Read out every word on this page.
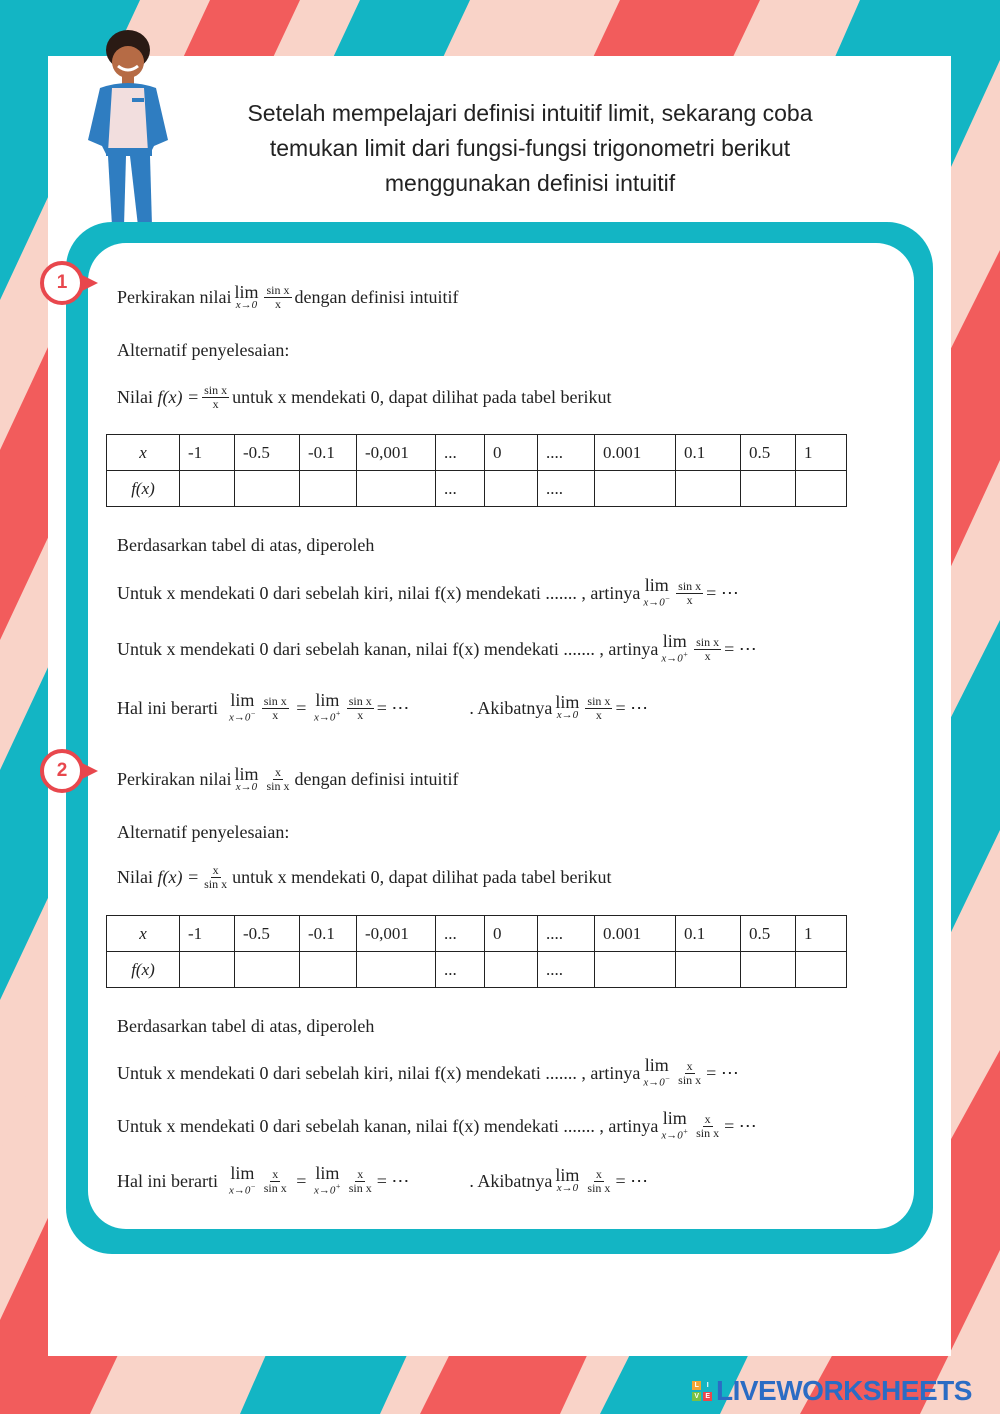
Setelah mempelajari definisi intuitif limit, sekarang coba
temukan limit dari fungsi-fungsi trigonometri berikut
menggunakan definisi intuitif
1
Perkirakan nilai lim
$x\to 0 \frac{\text{sin x}}{x}$ dengan definisi intuitif
Alternatif penyelesaian:
Nilai
$f(x) = \frac{\text{sin x}}{x}$ untuk x mendekati 0, dapat dilihat pada tabel berikut
x	-1	-0.5	-0.1	-0,001	...	0	....	0.001	0.1	0.5	1
f(x)					...		....				
Berdasarkan tabel di atas, diperoleh
Untuk x mendekati 0 dari sebelah kiri, nilai f(x) mendekati ....... , artinya lim
$x\to 0^- \frac{\text{sin x}}{x}$ = ⋯
Untuk x mendekati 0 dari sebelah kanan, nilai f(x) mendekati ....... , artinya lim
$x\to 0^+ \frac{\text{sin x}}{x}$ = ⋯
Hal ini berarti lim
$x\to 0^- \frac{\text{sin x}}{x} = \lim$
$x\to 0^+ \frac{\text{sin x}}{x}$ = ⋯	. Akibatnya lim
$x\to 0 \frac{\text{sin x}}{x}$ = ⋯
2	Perkirakan nilai lim
$x\to 0 \frac{x}{\text{sin x}}$ dengan definisi intuitif
Alternatif penyelesaian:
Nilai
$f(x) = \frac{x}{\text{sin x}}$ untuk x mendekati 0, dapat dilihat pada tabel berikut
x	-1	-0.5	-0.1	-0,001	...	0	....	0.001	0.1	0.5	1
f(x)					...		....				
Berdasarkan tabel di atas, diperoleh
Untuk x mendekati 0 dari sebelah kiri, nilai f(x) mendekati ....... , artinya lim
$x\to 0^- \frac{x}{\text{sin x}}$ = ⋯
Untuk x mendekati 0 dari sebelah kanan, nilai f(x) mendekati ....... , artinya lim
$x\to 0^+ \frac{x}{\text{sin x}}$ = ⋯
Hal ini berarti lim
$x\to 0^- \frac{x}{\text{sin x}} = \lim$
$x\to 0^+ \frac{x}{\text{sin x}}$ = ⋯	. Akibatnya lim
$x\to 0 \frac{x}{\text{sin x}}$ = ⋯
L	I
V E LIVEWORKSHEETS
